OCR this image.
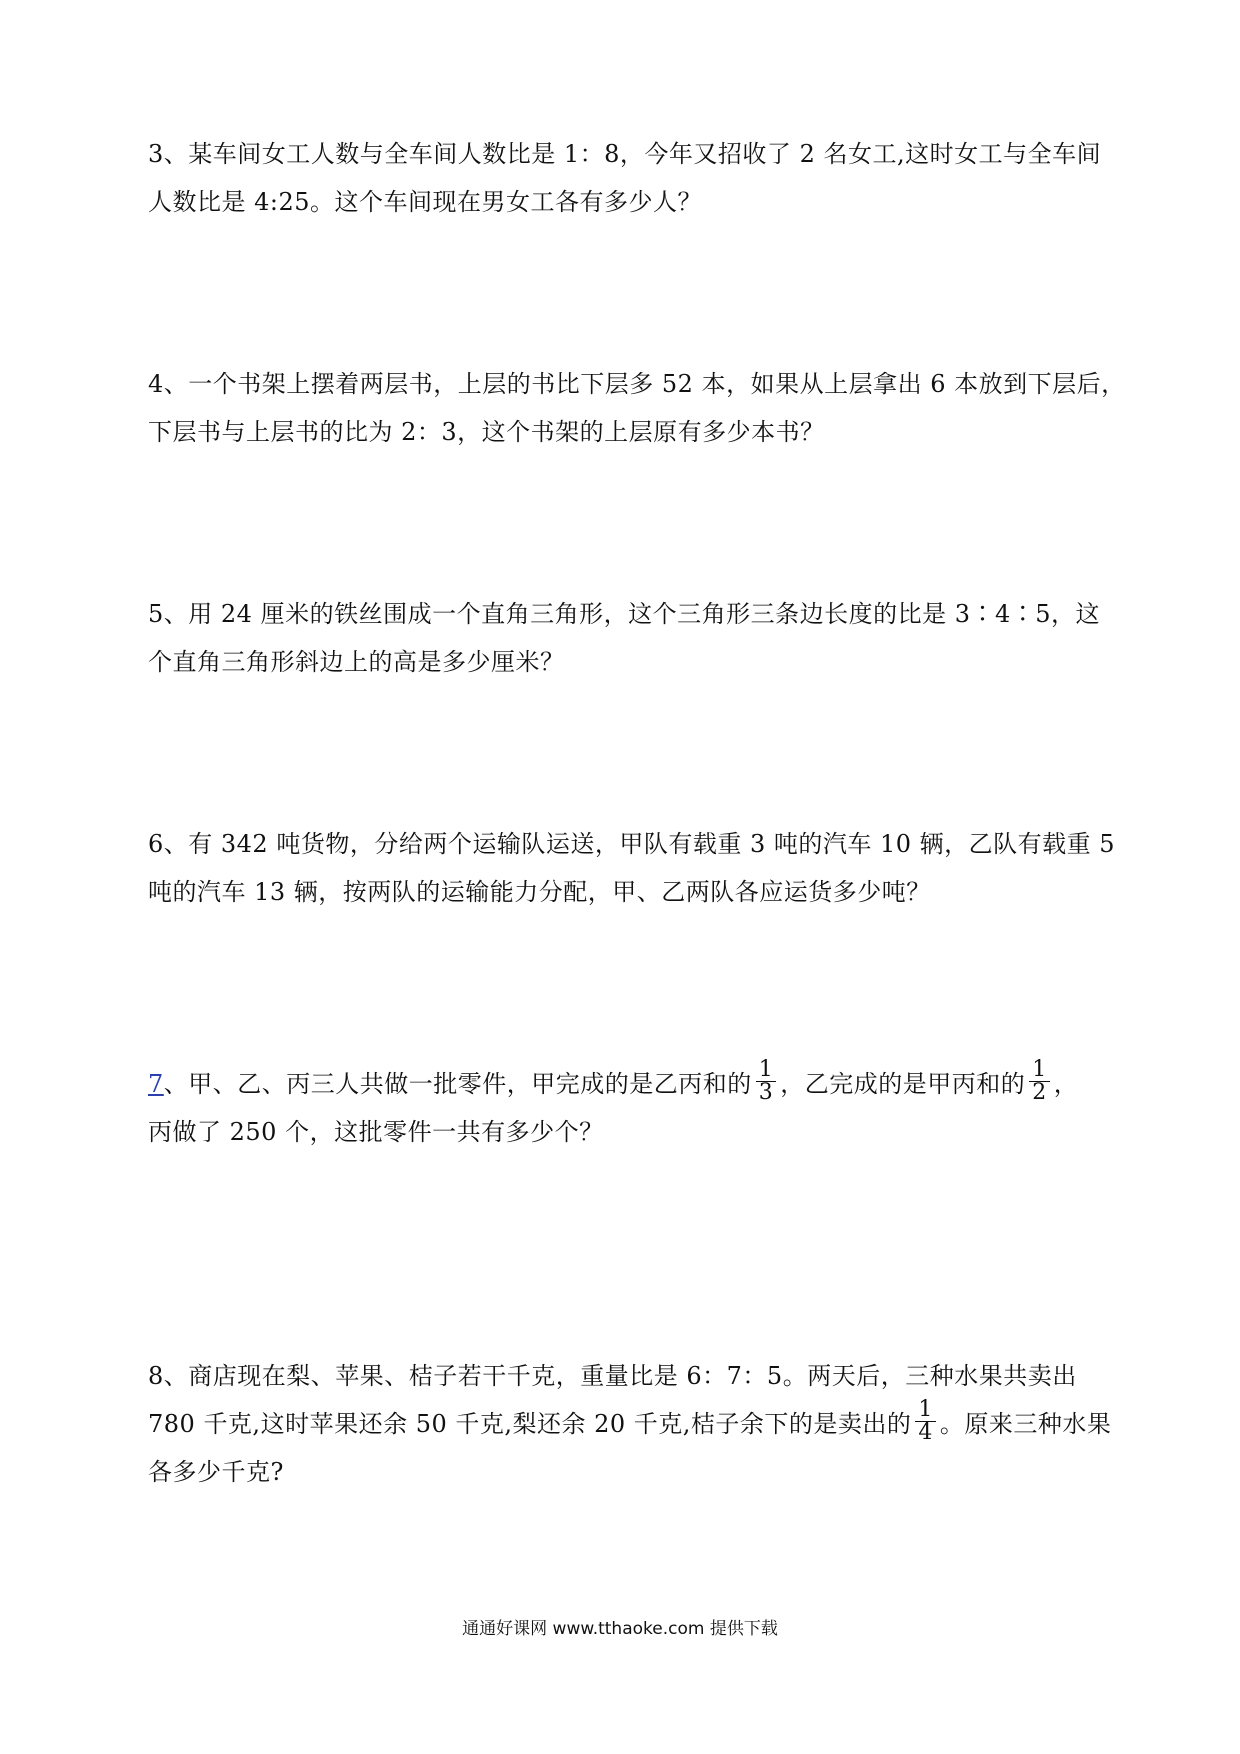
3、某车间女工人数与全车间人数比是 1：8，今年又招收了 2 名女工,这时女工与全车间
人数比是 4:25。这个车间现在男女工各有多少人？
4、一个书架上摆着两层书，上层的书比下层多 52 本，如果从上层拿出 6 本放到下层后，
下层书与上层书的比为 2：3，这个书架的上层原有多少本书？
5、用 24 厘米的铁丝围成一个直角三角形，这个三角形三条边长度的比是 3∶4∶5，这
个直角三角形斜边上的高是多少厘米？
6、有 342 吨货物，分给两个运输队运送，甲队有载重 3 吨的汽车 10 辆，乙队有载重 5
吨的汽车 13 辆，按两队的运输能力分配，甲、乙两队各应运货多少吨？
7、甲、乙、丙三人共做一批零件，甲完成的是乙丙和的 $\frac{1}{3}$ ，乙完成的是甲丙和的 $\frac{1}{2}$ ，
丙做了 250 个，这批零件一共有多少个？
8、商店现在梨、苹果、桔子若干千克，重量比是 6：7：5。两天后，三种水果共卖出
780 千克,这时苹果还余 50 千克,梨还余 20 千克,桔子余下的是卖出的 $\frac{1}{4}$ 。原来三种水果
各多少千克?
通通好课网 www.tthaoke.com 提供下载
